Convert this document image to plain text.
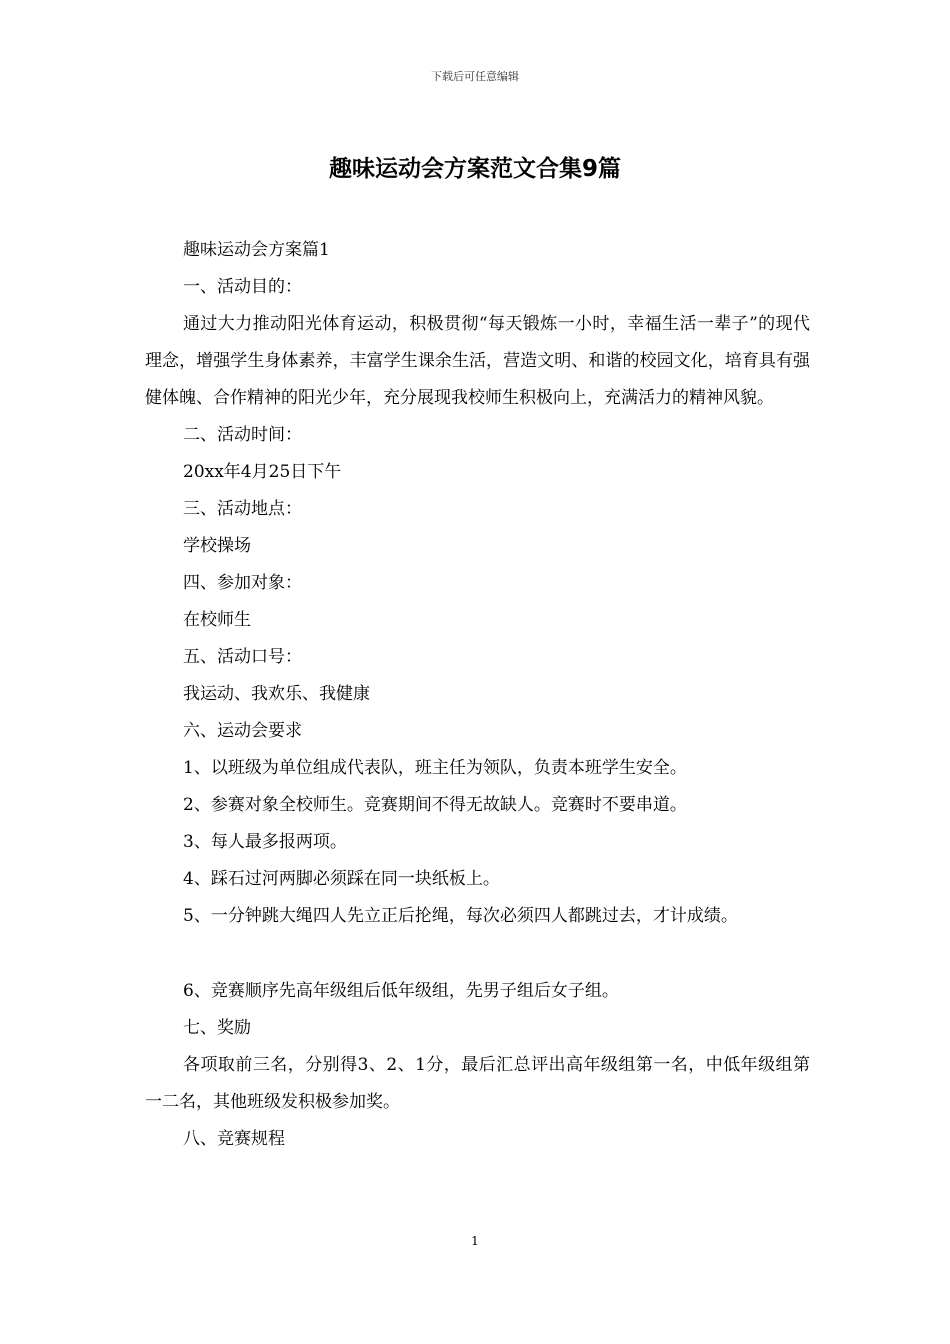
下载后可任意编辑
趣味运动会方案范文合集9篇

趣味运动会方案篇1

一、活动目的：

通过大力推动阳光体育运动，积极贯彻“每天锻炼一小时，幸福生活一辈子”的现代理念，增强学生身体素养，丰富学生课余生活，营造文明、和谐的校园文化，培育具有强健体魄、合作精神的阳光少年，充分展现我校师生积极向上，充满活力的精神风貌。

二、活动时间：

20xx年4月25日下午

三、活动地点：

学校操场

四、参加对象：

在校师生

五、活动口号：

我运动、我欢乐、我健康

六、运动会要求

1、以班级为单位组成代表队，班主任为领队，负责本班学生安全。

2、参赛对象全校师生。竞赛期间不得无故缺人。竞赛时不要串道。

3、每人最多报两项。

4、踩石过河两脚必须踩在同一块纸板上。

5、一分钟跳大绳四人先立正后抡绳，每次必须四人都跳过去，才计成绩。

6、竞赛顺序先高年级组后低年级组，先男子组后女子组。

七、奖励

各项取前三名，分别得3、2、1分，最后汇总评出高年级组第一名，中低年级组第一二名，其他班级发积极参加奖。

八、竞赛规程

1
